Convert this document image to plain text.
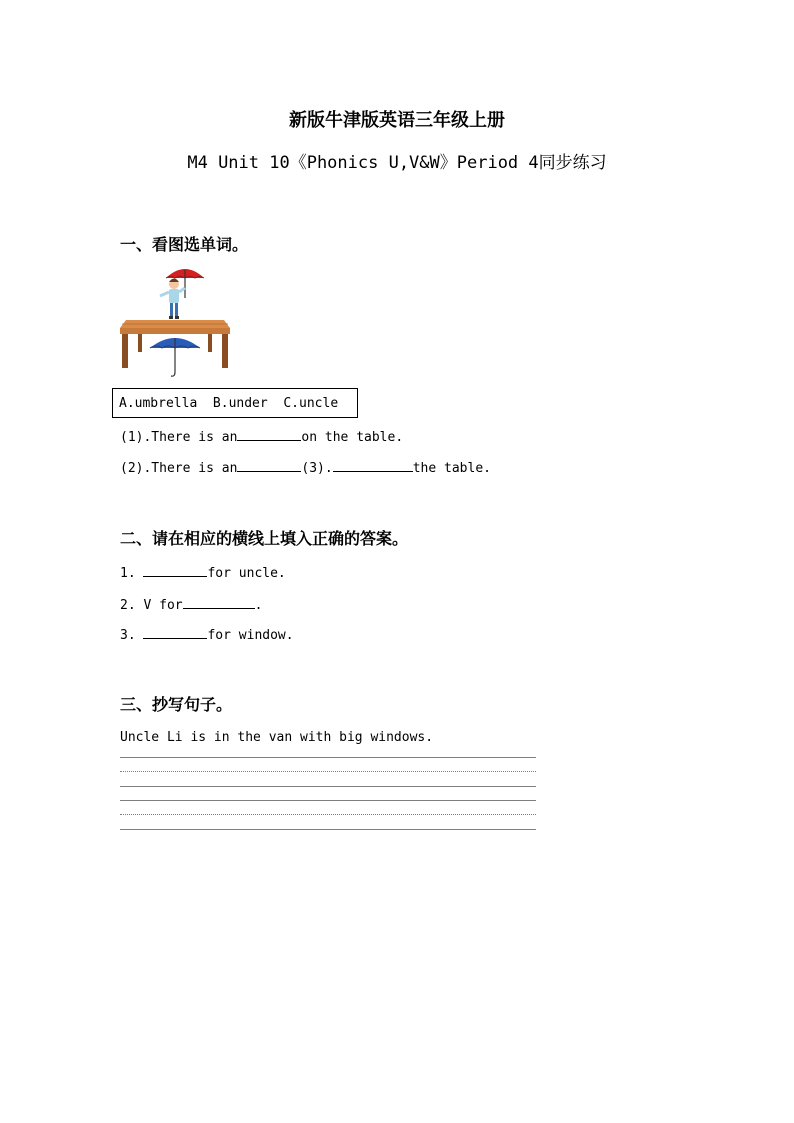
新版牛津版英语三年级上册
M4 Unit 10《Phonics U,V&W》Period 4同步练习
一、看图选单词。
A.umbrella  B.under  C.uncle
(1).There is an	on the table.
(2).There is an	(3).	the table.
二、请在相应的横线上填入正确的答案。
1.	for uncle.
2. V for	.
3.	for window.
三、抄写句子。
Uncle Li is in the van with big windows.
